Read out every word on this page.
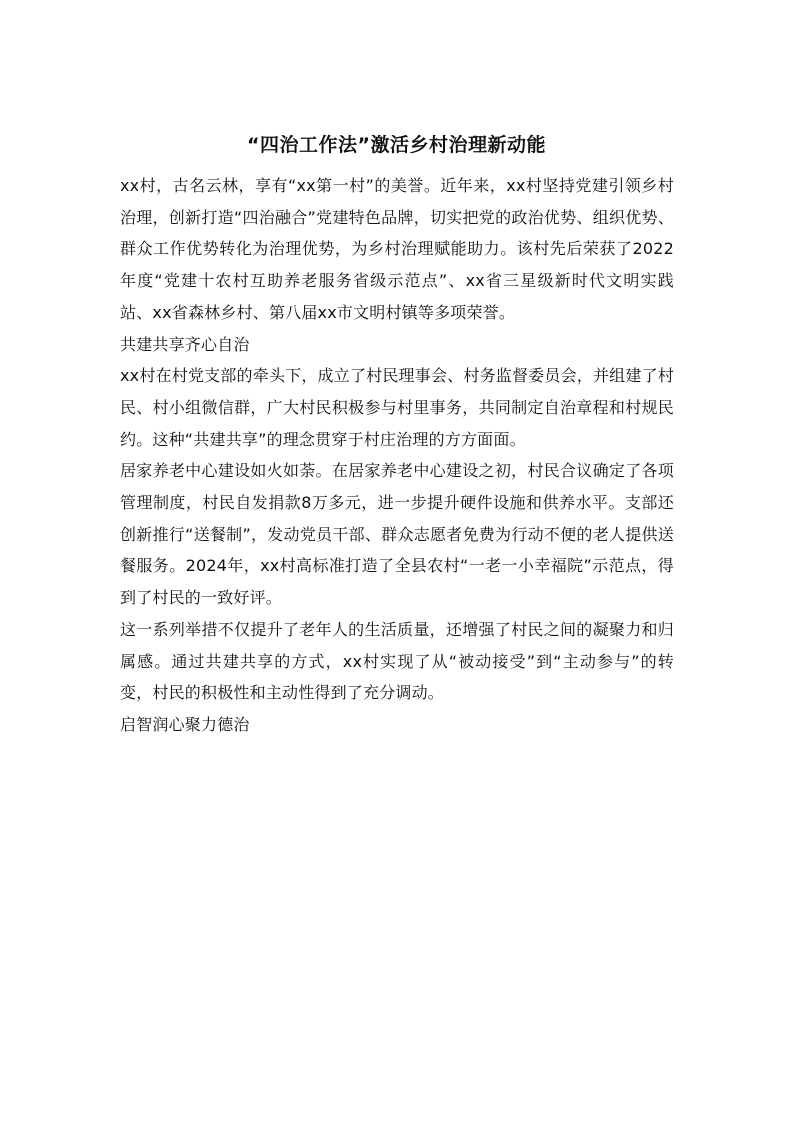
“四治工作法”激活乡村治理新动能

xx村，古名云林，享有“xx第一村”的美誉。近年来，xx村坚持党建引领乡村治理，创新打造“四治融合”党建特色品牌，切实把党的政治优势、组织优势、群众工作优势转化为治理优势，为乡村治理赋能助力。该村先后荣获了2022年度“党建十农村互助养老服务省级示范点”、xx省三星级新时代文明实践站、xx省森林乡村、第八届xx市文明村镇等多项荣誉。

共建共享齐心自治

xx村在村党支部的牵头下，成立了村民理事会、村务监督委员会，并组建了村民、村小组微信群，广大村民积极参与村里事务，共同制定自治章程和村规民约。这种“共建共享”的理念贯穿于村庄治理的方方面面。

居家养老中心建设如火如荼。在居家养老中心建设之初，村民合议确定了各项管理制度，村民自发捐款8万多元，进一步提升硬件设施和供养水平。支部还创新推行“送餐制”，发动党员干部、群众志愿者免费为行动不便的老人提供送餐服务。2024年，xx村高标准打造了全县农村“一老一小幸福院”示范点，得到了村民的一致好评。

这一系列举措不仅提升了老年人的生活质量，还增强了村民之间的凝聚力和归属感。通过共建共享的方式，xx村实现了从“被动接受”到“主动参与”的转变，村民的积极性和主动性得到了充分调动。

启智润心聚力德治
